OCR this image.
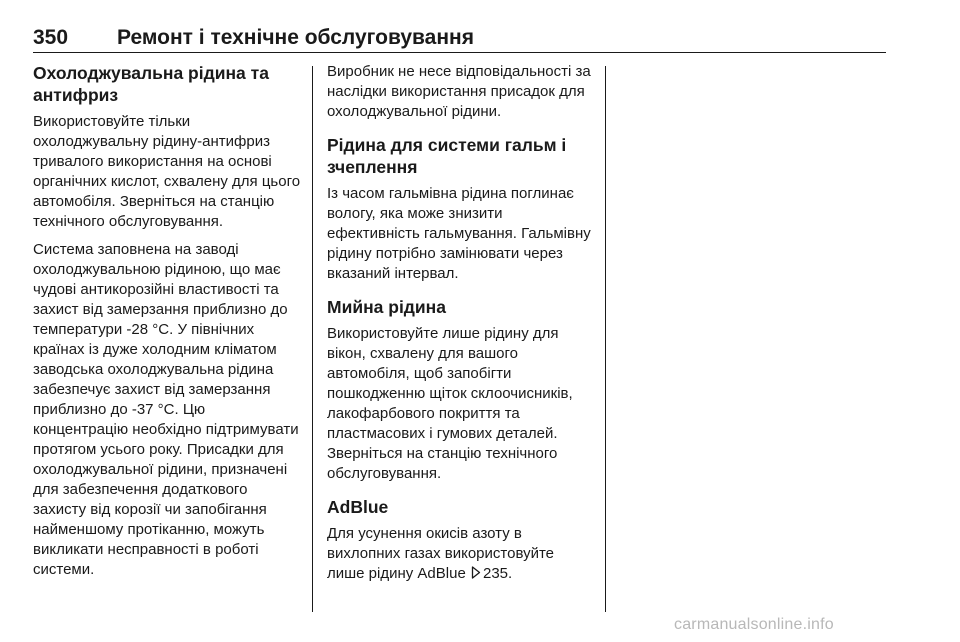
350 Ремонт і технічне обслуговування
Охолоджувальна рідина та антифриз

Використовуйте тільки охолоджувальну рідину-антифриз тривалого використання на основі органічних кислот, схвалену для цього автомобіля. Зверніться на станцію технічного обслуговування.

Система заповнена на заводі охолоджувальною рідиною, що має чудові антикорозійні властивості та захист від замерзання приблизно до температури -28 °C. У північних країнах із дуже холодним кліматом заводська охолоджувальна рідина забезпечує захист від замерзання приблизно до -37 °C. Цю концентрацію необхідно підтримувати протягом усього року. Присадки для охолоджувальної рідини, призначені для забезпечення додаткового захисту від корозії чи запобігання найменшому протіканню, можуть викликати несправності в роботі системи.

Виробник не несе відповідальності за наслідки використання присадок для охолоджувальної рідини.

Рідина для системи гальм і зчеплення

Із часом гальмівна рідина поглинає вологу, яка може знизити ефективність гальмування. Гальмівну рідину потрібно замінювати через вказаний інтервал.

Мийна рідина

Використовуйте лише рідину для вікон, схвалену для вашого автомобіля, щоб запобігти пошкодженню щіток склоочисників, лакофарбового покриття та пластмасових і гумових деталей. Зверніться на станцію технічного обслуговування.

AdBlue

Для усунення окисів азоту в вихлопних газах використовуйте лише рідину AdBlue 235.

carmanualsonline.info
